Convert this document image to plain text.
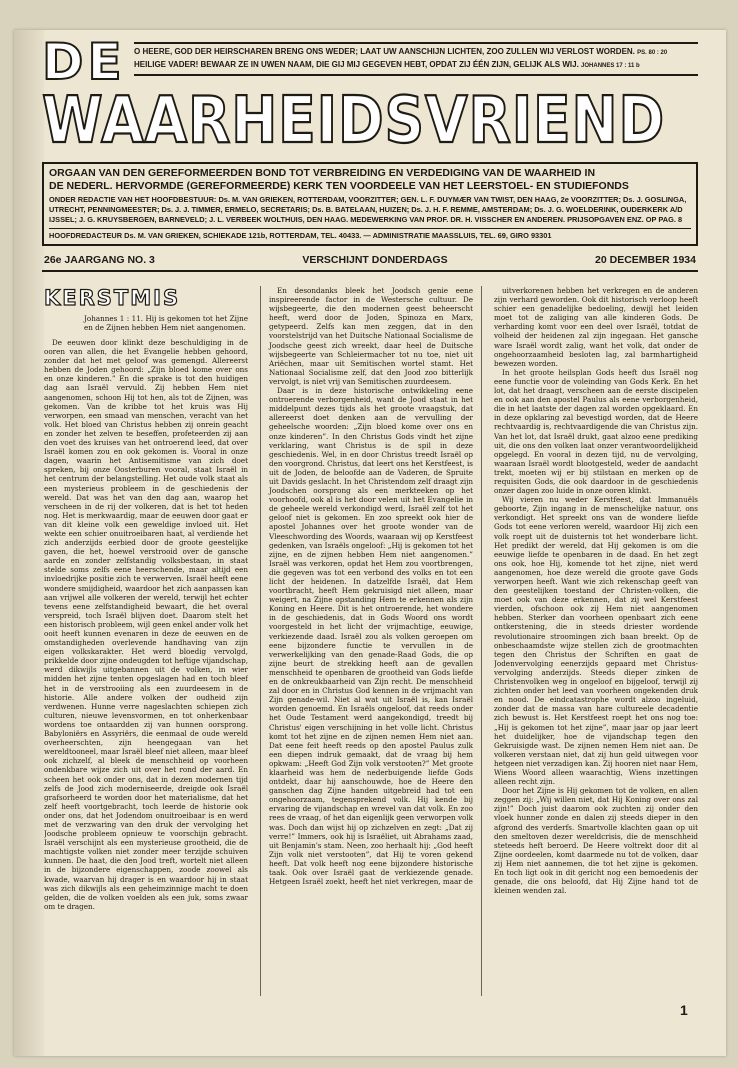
DE O HEERE, GOD DER HEIRSCHAREN BRENG ONS WEDER; LAAT UW AANSCHIJN LICHTEN, ZOO ZULLEN WIJ VERLOST WORDEN. PS. 80 : 20
HEILIGE VADER! BEWAAR ZE IN UWEN NAAM, DIE GIJ MIJ GEGEVEN HEBT, OPDAT ZIJ ÉÉN ZIJN, GELIJK ALS WIJ. JOHANNES 17 : 11 b
WAARHEIDSVRIEND
ORGAAN VAN DEN GEREFORMEERDEN BOND TOT VERBREIDING EN VERDEDIGING VAN DE WAARHEID IN
DE NEDERL. HERVORMDE (GEREFORMEERDE) KERK TEN VOORDEELE VAN HET LEERSTOEL- EN STUDIEFONDS
ONDER REDACTIE VAN HET HOOFDBESTUUR: Ds. M. VAN GRIEKEN, ROTTERDAM, VOORZITTER; GEN. L. F. DUYMÆR VAN TWIST, DEN HAAG, 2e VOORZITTER; Ds. J. GOSLINGA, UTRECHT, PENNINGMEESTER; Ds. J. J. TIMMER, ERMELO, SECRETARIS; Ds. B. BATELAAN, HUIZEN; Ds. J. H. F. REMME, AMSTERDAM; Ds. J. G. WOELDERINK, OUDERKERK A/D IJSSEL; J. G. KRUYSBERGEN, BARNEVELD; J. L. VERBEEK WOLTHUIS, DEN HAAG. MEDEWERKING VAN PROF. DR. H. VISSCHER EN ANDEREN. PRIJSOPGAVEN ENZ. OP PAG. 8
HOOFDREDACTEUR Ds. M. VAN GRIEKEN, SCHIEKADE 121b, ROTTERDAM, TEL. 40433. — ADMINISTRATIE MAASSLUIS, TEL. 69, GIRO 93301
26e JAARGANG NO. 3	VERSCHIJNT DONDERDAGS	20 DECEMBER 1934
KERSTMIS
Johannes 1 : 11. Hij is gekomen tot het Zijne en de Zijnen hebben Hem niet aangenomen.

De eeuwen door klinkt deze beschuldiging in de ooren van allen, die het Evangelie hebben gehoord, zonder dat het met geloof was gemengd. Allereerst hebben de Joden gehoord: „Zijn bloed kome over ons en onze kinderen.” En die sprake is tot den huidigen dag aan Israël vervuld. Zij hebben Hem niet aangenomen, schoon Hij tot hen, als tot de Zijnen, was gekomen. Van de kribbe tot het kruis was Hij verworpen, een smaad van menschen, veracht van het volk. Het bloed van Christus hebben zij onrein geacht en zonder het zelven te beseffen, profeteerden zij aan den voet des kruises van het ontroerend leed, dat over Israël komen zou en ook gekomen is. Vooral in onze dagen, waarin het Antisemitisme van zich doet spreken, bij onze Oosterburen vooral, staat Israël in het centrum der belangstelling. Het oude volk staat als een mysterieus probleem in de geschiedenis der wereld. Dat was het van den dag aan, waarop het verscheen in de rij der volkeren, dat is het tot heden nog. Het is merkwaardig, maar de eeuwen door gaat er van dit kleine volk een geweldige invloed uit. Het wekte een schier onuitroeibaren haat, al verdiende het zich anderzijds eerbied door de groote geestelijke gaven, die het, hoewel verstrooid over de gansche aarde en zonder zelfstandig volksbestaan, in staat stelde soms zelfs eene heerschende, maar altijd een invloedrijke positie zich te verwerven. Israël heeft eene wondere smijdigheid, waardoor het zich aanpassen kan aan vrijwel alle volkeren der wereld, terwijl het echter tevens eene zelfstandigheid bewaart, die het overal verspreid, toch Israël blijven doet. Daarom stelt het een historisch probleem, wijl geen enkel ander volk het ooit heeft kunnen evenaren in deze de eeuwen en de omstandigheden overlevende handhaving van zijn eigen volkskarakter. Het werd bloedig vervolgd, prikkelde door zijne ondeugden tot heftige vijandschap, werd dikwijls uitgebannen uit de volken, in wier midden het zijne tenten opgeslagen had en toch bleef het in de verstrooiing als een zuurdeesem in de historie. Alle andere volken der oudheid zijn verdwenen. Hunne verre nageslachten schiepen zich culturen, nieuwe levensvormen, en tot onherkenbaar wordens toe ontaardden zij van hunnen oorsprong. Babyloniërs en Assyriërs, die eenmaal de oude wereld overheerschten, zijn heengegaan van het wereldtooneel, maar Israël bleef niet alleen, maar bleef ook zichzelf, al bleek de menschheid op voorheen ondenkbare wijze zich uit over het rond der aard. En scheen het ook onder ons, dat in dezen modernen tijd zelfs de Jood zich moderniseerde, dreigde ook Israël grafsorheerd te worden door het materialisme, dat het zelf heeft voortgebracht, toch leerde de historie ook onder ons, dat het Jodendom onuitroeibaar is en werd met de verzwaring van den druk der vervolging het Joodsche probleem opnieuw te voorschijn gebracht. Israël verschijnt als een mysterieuse grootheid, die de machtigste volken niet zonder meer terzijde schuiven kunnen. De haat, die den Jood treft, wortelt niet alleen in de bijzondere eigenschappen, zoode zoowel als kwade, waarvan hij drager is en waardoor hij in staat was zich dikwijls als een geheimzinnige macht te doen gelden, die de volken voelden als een juk, soms zwaar om te dragen.

En desondanks bleek het Joodsch genie eene inspireerende factor in de Westersche cultuur. De wijsbegeerte, die den modernen geest beheerscht heeft, werd door de Joden, Spinoza en Marx, getypeerd. Zelfs kan men zeggen, dat in den voorstelstrijd van het Duitsche Nationaal Socialisme de Joodsche geest zich wreekt, daar heel de Duitsche wijsbegeerte van Schleiermacher tot nu toe, niet uit Ariëchen, maar uit Semitischen wortel stamt. Het Nationaal Socialisme zelf, dat den Jood zoo bitterlijk vervolgt, is niet vrij van Semitischen zuurdeesem.

Daar is in deze historische ontwikkeling eene ontroerende verborgenheid, want de Jood staat in het middelpunt dezes tijds als het groote vraagstuk, dat allereerst doet denken aan de vervulling der geheelsche woorden: „Zijn bloed kome over ons en onze kinderen”. In den Christus Gods vindt het zijne verklaring, want Christus is de spil in deze geschiedenis. Wel, in en door Christus treedt Israël op den voorgrond. Christus, dat leert ons het Kerstfeest, is uit de Joden, de beloofde aan de Vaderen, de Spruite uit Davids geslacht. In het Christendom zelf draagt zijn Joodschen oorsprong als een merkteeken op het voorhoofd, ook al is het door velen uit het Evangelie in de geheele wereld verkondigd werd, Israël zelf tot het geloof niet is gekomen. En zoo spreekt ook hier de apostel Johannes over het groote wonder van de Vleeschwording des Woords, waaraan wij op Kerstfeest gedenken, van Israëls ongeloof: „Hij is gekomen tot het zijne, en de zijnen hebben Hem niet aangenomen.” Israël was verkoren, opdat het Hem zou voortbrengen, die gegeven was tot een verbond des volks en tot een licht der heidenen. In datzelfde Israël, dat Hem voortbracht, heeft Hem gekruisigd niet alleen, maar weigert, na Zijne opstanding Hem te erkennen als zijn Koning en Heere. Dit is het ontroerende, het wondere in de geschiedenis, dat in Gods Woord ons wordt voorgesteld in het licht der vrijmachtige, eeuwige, verkiezende daad. Israël zou als volken geroepen om eene bijzondere functie te vervullen in de verwerkelijking van den genade-Raad Gods, die op zijne beurt de strekking heeft aan de gevallen menschheid te openbaren de grootheid van Gods liefde en de onkreukbaarheid van Zijn recht. De menschheid zal door en in Christus God kennen in de vrijmacht van Zijn genade-wil. Niet al wat uit Israël is, kan Israël worden genoemd. En Israëls ongeloof, dat reeds onder het Oude Testament werd aangekondigd, treedt bij Christus' eigen verschijning in het volle licht. Christus komt tot het zijne en de zijnen nemen Hem niet aan. Dat eene feit heeft reeds op den apostel Paulus zulk een diepen indruk gemaakt, dat de vraag bij hem opkwam: „Heeft God Zijn volk verstooten?” Met groote klaarheid was hem de nederbuigende liefde Gods ontdekt, daar hij aanschouwde, hoe de Heere den ganschen dag Zijne handen uitgebreid had tot een ongehoorzaam, tegensprekend volk. Hij kende bij ervaring de vijandschap en wrevel van dat volk. En zoo rees de vraag, of het dan eigenlijk geen verworpen volk was. Doch dan wijst hij op zichzelven en zegt: „Dat zij verre!” Immers, ook hij is Israëliet, uit Abrahams zaad, uit Benjamin's stam. Neen, zoo herhaalt hij: „God heeft Zijn volk niet verstooten”, dat Hij te voren gekend heeft. Dat volk heeft nog eene bijzondere historische taak. Ook over Israël gaat de verkiezende genade. Hetgeen Israël zoekt, heeft het niet verkregen, maar de

uitverkorenen hebben het verkregen en de anderen zijn verhard geworden. Ook dit historisch verloop heeft schier een genadelijke bedoeling, dewijl het leiden moet tot de zaliging van alle kinderen Gods. De verharding komt voor een deel over Israël, totdat de volheid der heidenen zal zijn ingegaan. Het gansche ware Israël wordt zalig, want het volk, dat onder de ongehoorzaamheid besloten lag, zal barmhartigheid bewezen worden.

In het groote heilsplan Gods heeft dus Israël nog eene functie voor de voleinding van Gods Kerk. En het lot, dat het draagt, verscheen aan de eerste discipelen en ook aan den apostel Paulus als eene verborgenheid, die in het laatste der dagen zal worden opgeklaard. En in deze opklaring zal bevestigd worden, dat de Heere rechtvaardig is, rechtvaardigende die van Christus zijn. Van het lot, dat Israël drukt, gaat alzoo eene prediking uit, die ons den volken laat onzer verantwoordelijkheid opgelegd. En vooral in dezen tijd, nu de vervolging, waaraan Israël wordt blootgesteld, weder de aandacht trekt, moeten wij er bij stilstaan en merken op de requisiten Gods, die ook daardoor in de geschiedenis onzer dagen zoo luide in onze ooren klinkt.

Wij vieren nu weder Kerstfeest, dat Immanuëls geboorte, Zijn ingang in de menschelijke natuur, ons verkondigt. Het spreekt ons van de wondere liefde Gods tot eene verloren wereld, waardoor Hij zich een volk roept uit de duisternis tot het wonderbare licht. Het predikt der wereld, dat Hij gekomen is om die eeuwige liefde te openbaren in de daad. En het zegt ons ook, hoe Hij, komende tot het zijne, niet werd aangenomen, hoe deze wereld die groote gave Gods verworpen heeft. Want wie zich rekenschap geeft van den geestelijken toestand der Christen-volken, die moet ook van deze erkennen, dat zij wel Kerstfeest vierden, ofschoon ook zij Hem niet aangenomen hebben. Sterker dan voorheen openbaart zich eene ontkerstening, die in steeds driester wordende revolutionaire stroomingen zich baan breekt. Op de onbeschaamdste wijze stellen zich de grootmachten tegen den Christus der Schriften en gaat de Jodenvervolging eenerzijds gepaard met Christus-vervolging anderzijds. Steeds dieper zinken de Christenvolken weg in ongeloof en bijgeloof, terwijl zij zichten onder het leed van voorheen ongekenden druk en nood. De eindcatastrophe wordt alzoo ingeluid, zonder dat de massa van hare cultureele decadentie zich bewust is. Het Kerstfeest roept het ons nog toe: „Hij is gekomen tot het zijne”, maar jaar op jaar leert het duidelijker, hoe de vijandschap tegen den Gekruisigde wast. De zijnen nemen Hem niet aan. De volkeren verstaan niet, dat zij hun geld uitwegen voor hetgeen niet verzadigen kan. Zij hooren niet naar Hem, Wiens Woord alleen waarachtig, Wiens inzettingen alleen recht zijn.

Door het Zijne is Hij gekomen tot de volken, en allen zeggen zij: „Wij willen niet, dat Hij Koning over ons zal zijn!” Doch juist daarom ook zuchten zij onder den vloek hunner zonde en dalen zij steeds dieper in den afgrond des verderfs. Smartvolle klachten gaan op uit den smeltoven dezer wereldcrisis, die de menschheid steteeds heft beroerd. De Heere voltrekt door dit al Zijne oordeelen, komt daarmede nu tot de volken, daar zij Hem niet aannemen, die tot het zijne is gekomen. En toch ligt ook in dit gericht nog een bemoedenis der genade, die ons beloofd, dat Hij Zijne hand tot de kleinen wenden zal.

1
